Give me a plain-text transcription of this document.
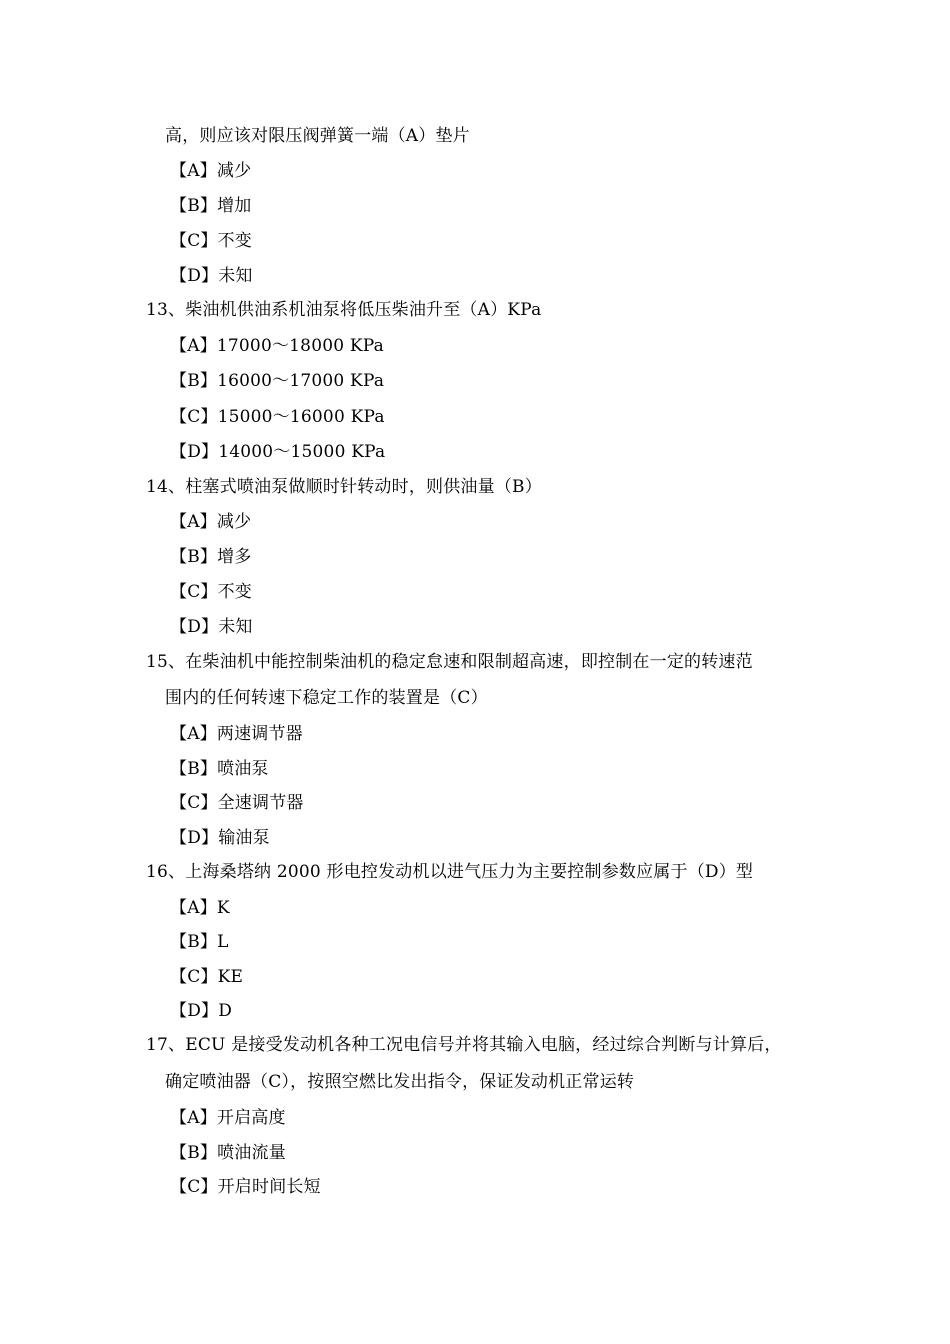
高，则应该对限压阀弹簧一端（A）垫片
【A】减少
【B】增加
【C】不变
【D】未知
13、柴油机供油系机油泵将低压柴油升至（A）KPa
【A】17000～18000 KPa
【B】16000～17000 KPa
【C】15000～16000 KPa
【D】14000～15000 KPa
14、柱塞式喷油泵做顺时针转动时，则供油量（B）
【A】减少
【B】增多
【C】不变
【D】未知
15、在柴油机中能控制柴油机的稳定怠速和限制超高速，即控制在一定的转速范
围内的任何转速下稳定工作的装置是（C）
【A】两速调节器
【B】喷油泵
【C】全速调节器
【D】输油泵
16、上海桑塔纳 2000 形电控发动机以进气压力为主要控制参数应属于（D）型
【A】K
【B】L
【C】KE
【D】D
17、ECU 是接受发动机各种工况电信号并将其输入电脑，经过综合判断与计算后，
确定喷油器（C），按照空燃比发出指令，保证发动机正常运转
【A】开启高度
【B】喷油流量
【C】开启时间长短
